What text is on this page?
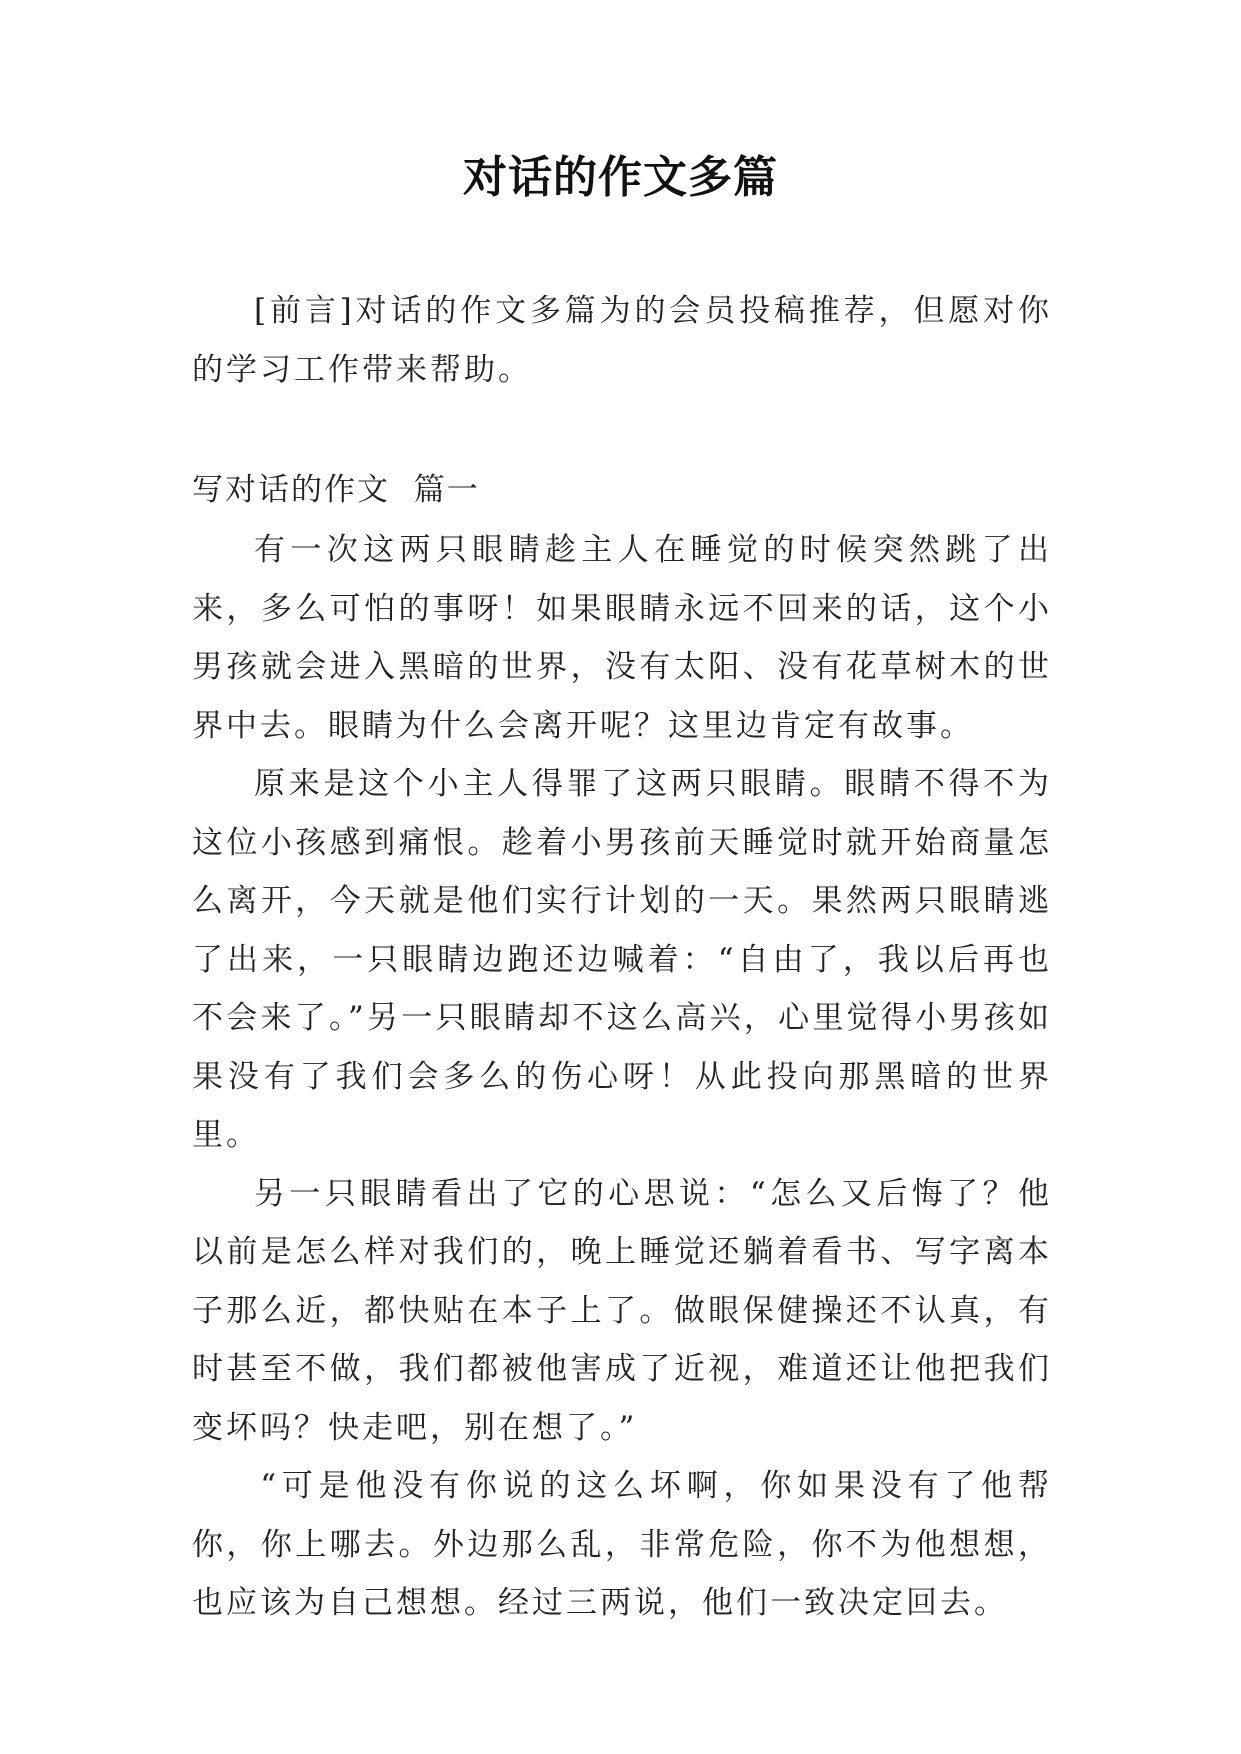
对话的作文多篇

[前言]对话的作文多篇为的会员投稿推荐，但愿对你的学习工作带来帮助。

写对话的作文  篇一

有一次这两只眼睛趁主人在睡觉的时候突然跳了出来，多么可怕的事呀！如果眼睛永远不回来的话，这个小男孩就会进入黑暗的世界，没有太阳、没有花草树木的世界中去。眼睛为什么会离开呢？这里边肯定有故事。

原来是这个小主人得罪了这两只眼睛。眼睛不得不为这位小孩感到痛恨。趁着小男孩前天睡觉时就开始商量怎么离开，今天就是他们实行计划的一天。果然两只眼睛逃了出来，一只眼睛边跑还边喊着：“自由了，我以后再也不会来了。”另一只眼睛却不这么高兴，心里觉得小男孩如果没有了我们会多么的伤心呀！从此投向那黑暗的世界里。

另一只眼睛看出了它的心思说：“怎么又后悔了？他以前是怎么样对我们的，晚上睡觉还躺着看书、写字离本子那么近，都快贴在本子上了。做眼保健操还不认真，有时甚至不做，我们都被他害成了近视，难道还让他把我们变坏吗？快走吧，别在想了。”

“可是他没有你说的这么坏啊，你如果没有了他帮你，你上哪去。外边那么乱，非常危险，你不为他想想，也应该为自己想想。经过三两说，他们一致决定回去。
